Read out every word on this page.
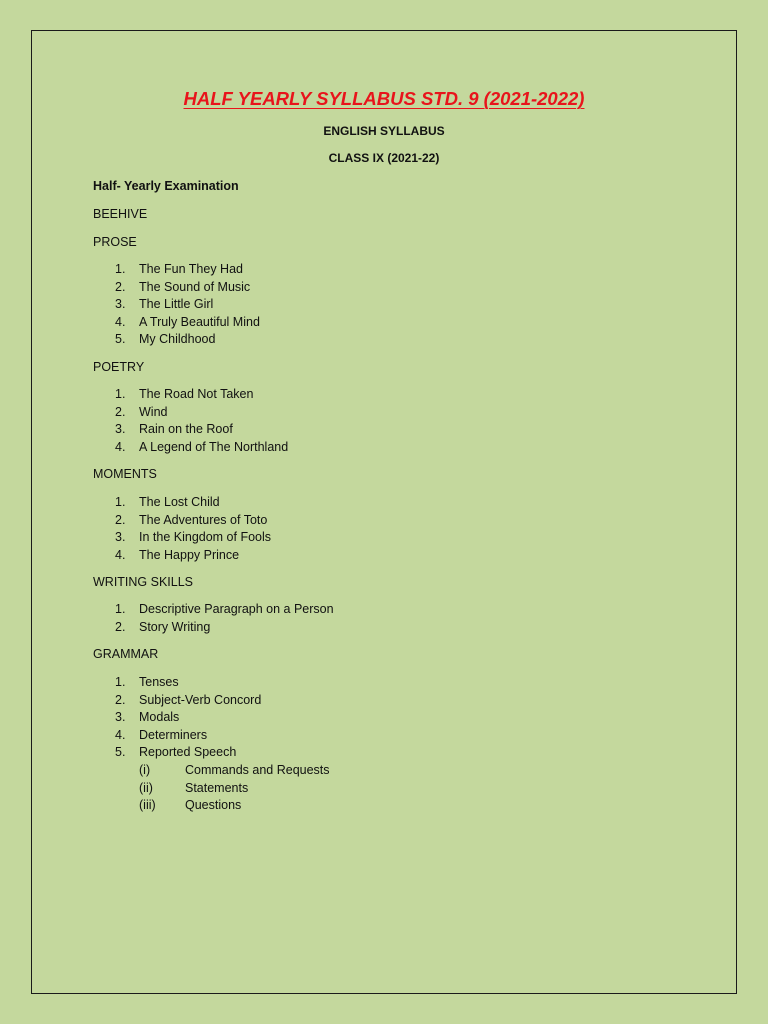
HALF YEARLY SYLLABUS STD. 9 (2021-2022)
ENGLISH SYLLABUS
CLASS IX (2021-22)
Half- Yearly Examination
BEEHIVE
PROSE
1.	The Fun They Had
2.	The Sound of Music
3.	The Little Girl
4.	A Truly Beautiful Mind
5.	My Childhood
POETRY
1.	The Road Not Taken
2.	Wind
3.	Rain on the Roof
4.	A Legend of The Northland
MOMENTS
1.	The Lost Child
2.	The Adventures of Toto
3.	In the Kingdom of Fools
4.	The Happy Prince
WRITING SKILLS
1.	Descriptive Paragraph on a Person
2.	Story Writing
GRAMMAR
1.	Tenses
2.	Subject-Verb Concord
3.	Modals
4.	Determiners
5.	Reported Speech
(i)	Commands and Requests
(ii)	Statements
(iii)	Questions
